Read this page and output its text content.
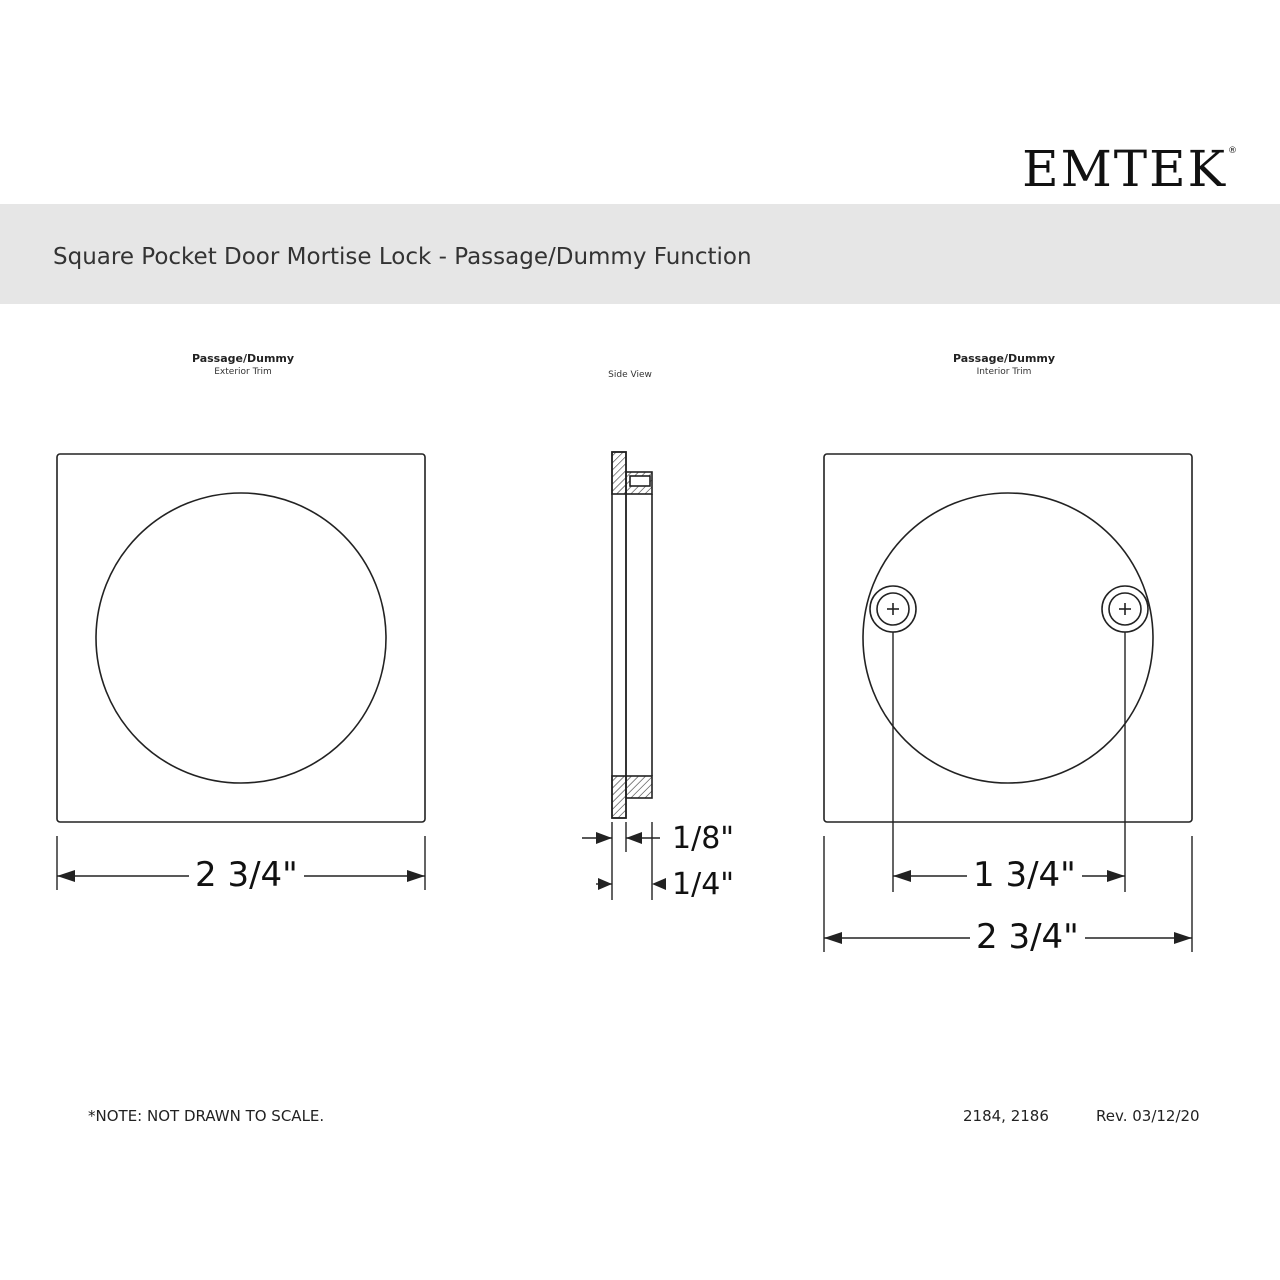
EMTEK®
Square Pocket Door Mortise Lock - Passage/Dummy Function
Passage/Dummy
Exterior Trim	Side View
Passage/Dummy
Interior Trim
2 3/4"	1 3/4"
2 3/4"
1/8"
1/4"
*NOTE: NOT DRAWN TO SCALE.	2184, 2186	Rev. 03/12/20
